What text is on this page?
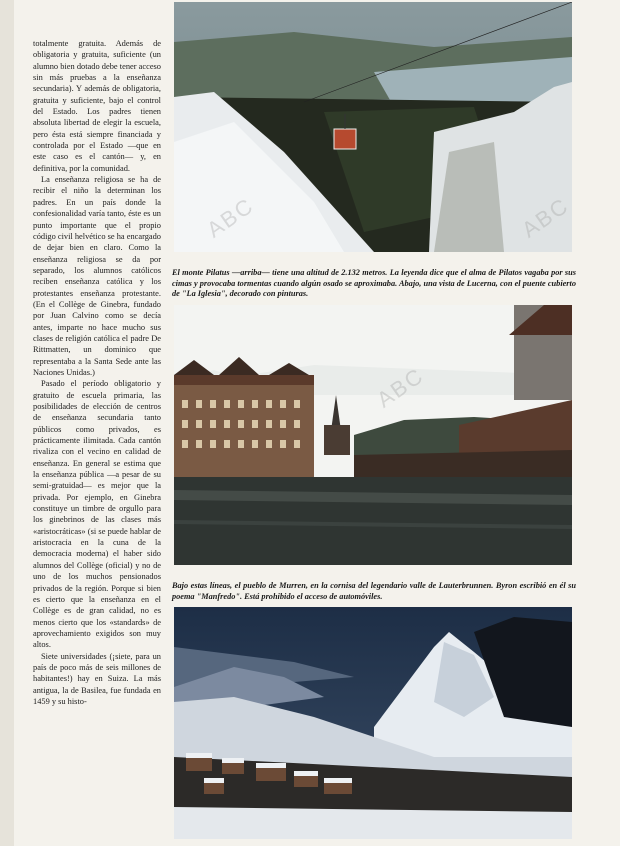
totalmente gratuita. Además de obligatoria y gratuita, suficiente (un alumno bien dotado debe tener acceso sin más pruebas a la enseñanza secundaria). Y además de obligatoria, gratuita y suficiente, bajo el control del Estado. Los padres tienen absoluta libertad de elegir la escuela, pero ésta está siempre financiada y controlada por el Estado —que en este caso es el cantón— y, en definitiva, por la comunidad.

La enseñanza religiosa se ha de recibir el niño la determinan los padres. En un país donde la confesionalidad varía tanto, éste es un punto importante que el propio código civil helvético se ha encargado de dejar bien en claro. Como la enseñanza religiosa se da por separado, los alumnos católicos reciben enseñanza católica y los protestantes enseñanza protestante. (En el Collège de Ginebra, fundado por Juan Calvino como se decía antes, imparte no hace mucho sus clases de religión católica el padre De Rittmatten, un dominico que representaba a la Santa Sede ante las Naciones Unidas.)

Pasado el período obligatorio y gratuito de escuela primaria, las posibilidades de elección de centros de enseñanza secundaria tanto públicos como privados, es prácticamente ilimitada. Cada cantón rivaliza con el vecino en calidad de enseñanza. En general se estima que la enseñanza pública —a pesar de su semi-gratuidad— es mejor que la privada. Por ejemplo, en Ginebra constituye un timbre de orgullo para los ginebrinos de las clases más «aristocráticas» (si se puede hablar de aristocracia en la cuna de la democracia moderna) el haber sido alumnos del Collège (oficial) y no de uno de los muchos pensionados privados de la región. Porque si bien es cierto que la enseñanza en el Collège es de gran calidad, no es menos cierto que los «standards» de aprovechamiento exigidos son muy altos.

Siete universidades (¡siete, para un país de poco más de seis millones de habitantes!) hay en Suiza. La más antigua, la de Basilea, fue fundada en 1459 y su histo-

El monte Pilatus —arriba— tiene una altitud de 2.132 metros. La leyenda dice que el alma de Pilatos vagaba por sus cimas y provocaba tormentas cuando algún osado se aproximaba. Abajo, una vista de Lucerna, con el puente cubierto de "La Iglesia", decorado con pinturas.

Bajo estas líneas, el pueblo de Murren, en la cornisa del legendario valle de Lauterbrunnen. Byron escribió en él su poema "Manfredo". Está prohibido el acceso de automóviles.

ABC
ABC
ABC
